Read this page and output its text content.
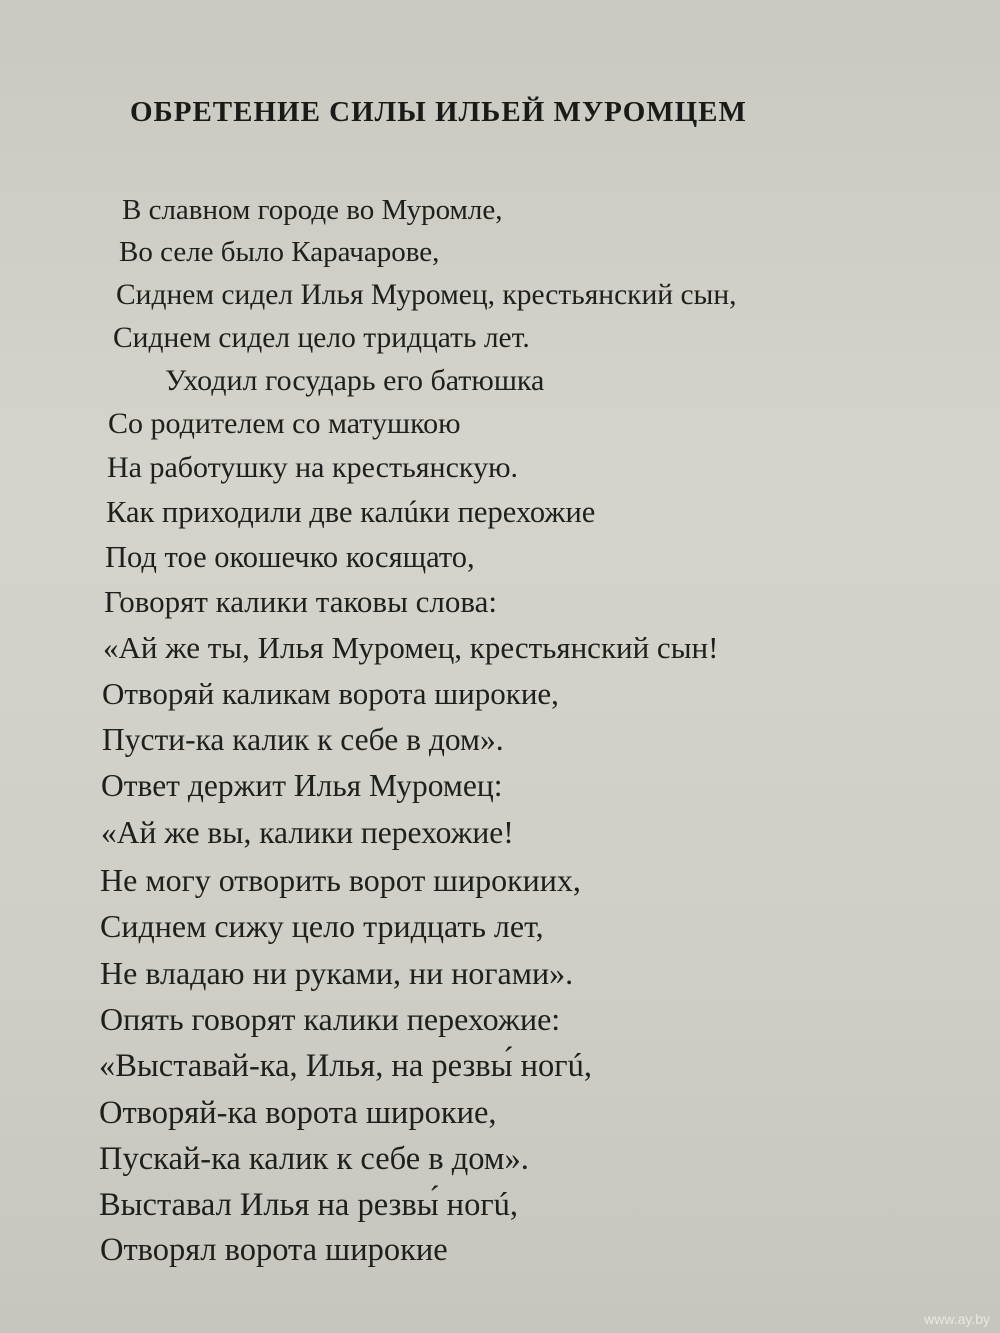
ОБРЕТЕНИЕ СИЛЫ ИЛЬЕЙ МУРОМЦЕМ
В славном городе во Муромле,
Во селе было Карачарове,
Сиднем сидел Илья Муромец, крестьянский сын,
Сиднем сидел цело тридцать лет.
Уходил государь его батюшка
Со родителем со матушкою
На работушку на крестьянскую.
Как приходили две калúки перехожие
Под тое окошечко косящато,
Говорят калики таковы слова:
«Ай же ты, Илья Муромец, крестьянский сын!
Отворяй каликам ворота широкие,
Пусти-ка калик к себе в дом».
Ответ держит Илья Муромец:
«Ай же вы, калики перехожие!
Не могу отворить ворот широкиих,
Сиднем сижу цело тридцать лет,
Не владаю ни руками, ни ногами».
Опять говорят калики перехожие:
«Выставай-ка, Илья, на резвы́ ногú,
Отворяй-ка ворота широкие,
Пускай-ка калик к себе в дом».
Выставал Илья на резвы́ ногú,
Отворял ворота широкие
www.ay.by
